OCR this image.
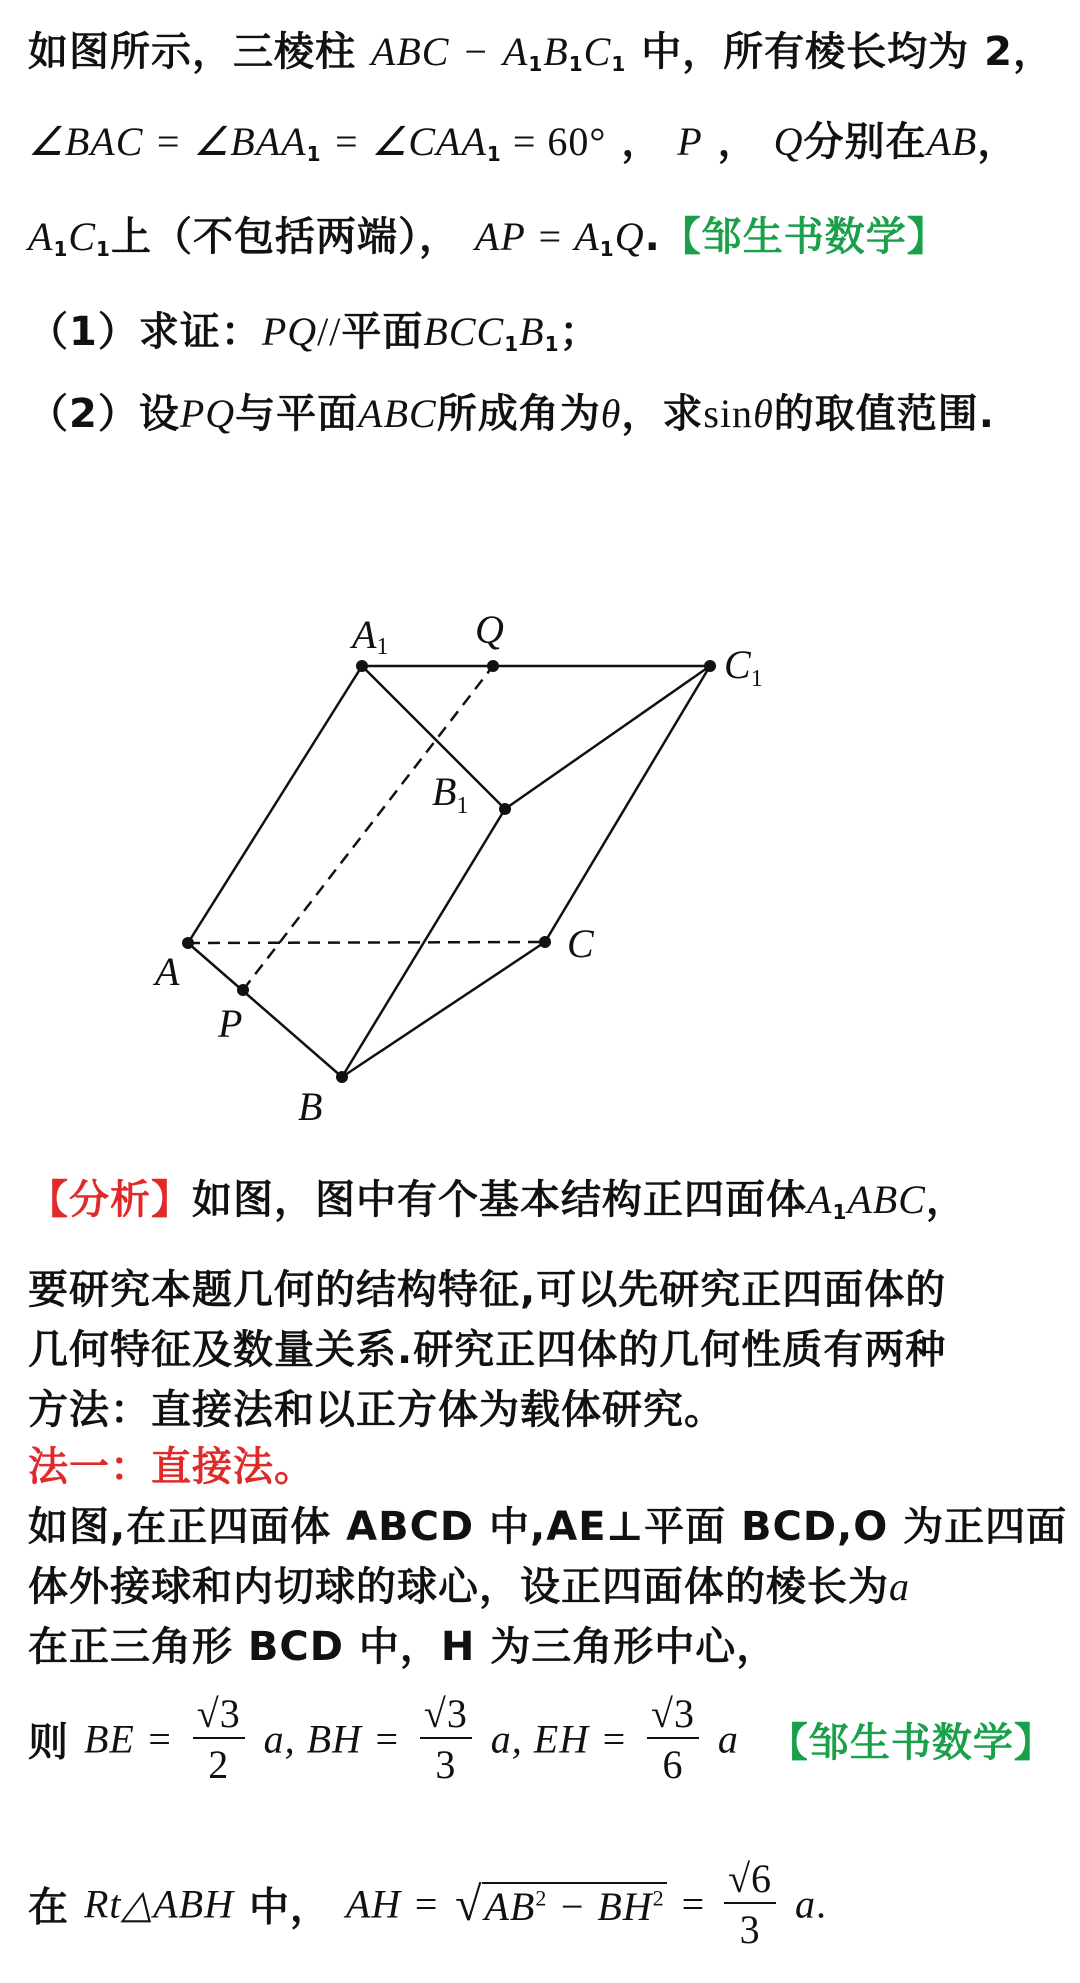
如图所示，三棱柱 ABC − $A_1B_1C_1$ 中，所有棱长均为 2，
∠BAC = $\angle BAA_1$ = $\angle CAA_1 = 60^\circ$ ， P ， Q分别在AB，
$A_1C_1$上（不包括两端）， AP = $A_1Q$.【邹生书数学】
（1）求证：PQ//平面$BCC_1B_1$；
（2）设PQ与平面ABC所成角为θ，求sinθ的取值范围.
A1 Q
$C_1$
$B_1$
A
C
P
B
【分析】如图，图中有个基本结构正四面体$A_1ABC$，
要研究本题几何的结构特征,可以先研究正四面体的
几何特征及数量关系.研究正四体的几何性质有两种
方法：直接法和以正方体为载体研究。
法一：直接法。
如图,在正四面体 ABCD 中,AE⊥平面 BCD,O 为正四面
体外接球和内切球的球心，设正四面体的棱长为a
在正三角形 BCD 中，H 为三角形中心，
则 BE = $\frac{√3}{2} a$, BH = $\frac{√3}{3} a$, EH = $\frac{√3}{6}$ a 【邹生书数学】
在 Rt△ABH 中， AH = $√AB^2 - BH^2 = \frac{√6}{3} a$.
